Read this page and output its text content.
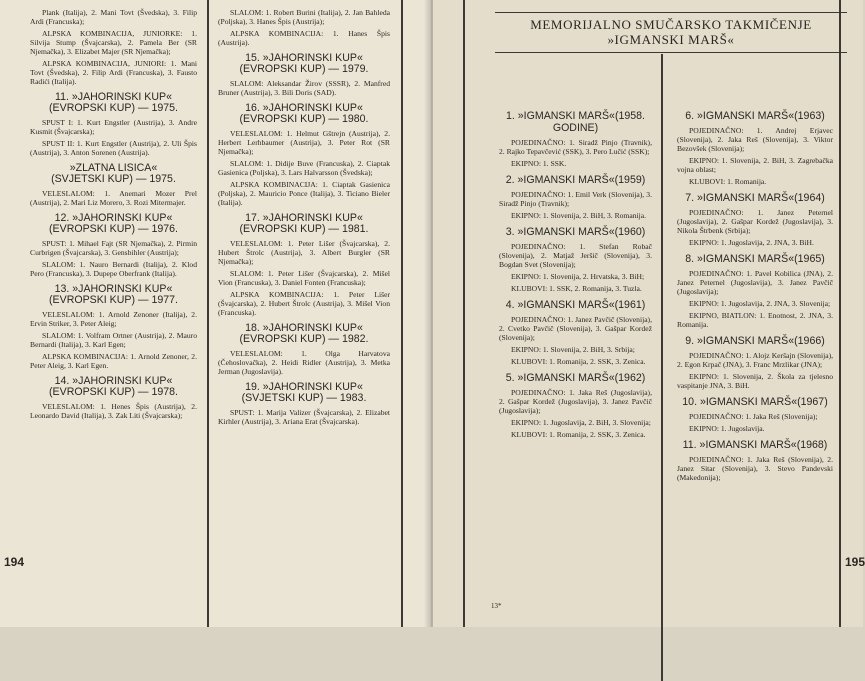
Plank (Italija), 2. Mani Tovt (Švedska), 3. Filip Ardi (Francuska);

ALPSKA KOMBINACIJA, JUNIORKE: 1. Silvija Stump (Švajcarska), 2. Pamela Ber (SR Njemačka), 3. Elizabet Majer (SR Njemačka);

ALPSKA KOMBINACIJA, JUNIORI: 1. Mani Tovt (Švedska), 2. Filip Ardi (Francuska), 3. Fausto Radići (Italija).

11. »JAHORINSKI KUP«
(EVROPSKI KUP) — 1975.

SPUST I: 1. Kurt Engstler (Austrija), 3. Andre Kusmit (Švajcarska);

SPUST II: 1. Kurt Engstler (Austrija), 2. Uli Špis (Austrija), 3. Anton Sorenen (Austrija).

»ZLATNA LISICA«
(SVJETSKI KUP) — 1975.

VELESLALOM: 1. Anemari Mozer Prel (Austrija), 2. Mari Liz Morero, 3. Rozi Mitermajer.

12. »JAHORINSKI KUP«
(EVROPSKI KUP) — 1976.

SPUST: 1. Mihael Fajt (SR Njemačka), 2. Pirmin Curbrigen (Švajcarska), 3. Gensbihler (Austrija);

SLALOM: 1. Nauro Bernardi (Italija), 2. Klod Pero (Francuska), 3. Dupepe Oberfrank (Italija).

13. »JAHORINSKI KUP«
(EVROPSKI KUP) — 1977.

VELESLALOM: 1. Arnold Zenoner (Italija), 2. Ervin Striker, 3. Peter Aleig;

SLALOM: 1. Volfram Ortner (Austrija), 2. Mauro Bernardi (Italija), 3. Karl Egen;

ALPSKA KOMBINACIJA: 1. Arnold Zenoner, 2. Peter Aleig, 3. Karl Egen.

14. »JAHORINSKI KUP«
(EVROPSKI KUP) — 1978.

VELESLALOM: 1. Henes Špis (Austrija), 2. Leonardo David (Italija), 3. Zak Liti (Švajcarska);

SLALOM: 1. Robert Burini (Italija), 2. Jan Bahleda (Poljska), 3. Hanes Špis (Austrija);

ALPSKA KOMBINACIJA: 1. Hanes Špis (Austrija).

15. »JAHORINSKI KUP«
(EVROPSKI KUP) — 1979.

SLALOM: Aleksandar Žirov (SSSR), 2. Manfred Bruner (Austrija), 3. Bili Doris (SAD).

16. »JAHORINSKI KUP«
(EVROPSKI KUP) — 1980.

VELESLALOM: 1. Helmut Gštrejn (Austrija), 2. Herbert Lerhbaumer (Austrija), 3. Peter Rot (SR Njemačka);

SLALOM: 1. Didije Buve (Francuska), 2. Ciaptak Gasienica (Poljska), 3. Lars Halvarsson (Švedska);

ALPSKA KOMBINACIJA: 1. Ciaptak Gasienica (Poljska), 2. Mauricio Ponce (Italija), 3. Ticiano Bieler (Italija).

17. »JAHORINSKI KUP«
(EVROPSKI KUP) — 1981.

VELESLALOM: 1. Peter Lišer (Švajcarska), 2. Hubert Štrolc (Austrija), 3. Albert Burgler (SR Njemačka);

SLALOM: 1. Peter Lišer (Švajcarska), 2. Mišel Vion (Francuska), 3. Daniel Fonten (Francuska);

ALPSKA KOMBINACIJA: 1. Peter Lišer (Švajcarska), 2. Hubert Štrolc (Austrija), 3. Mišel Vion (Francuska).

18. »JAHORINSKI KUP«
(EVROPSKI KUP) — 1982.

VELESLALOM: 1. Olga Harvatova (Čehoslovačka), 2. Heidi Ridler (Austrija), 3. Metka Jerman (Jugoslavija).

19. »JAHORINSKI KUP«
(SVJETSKI KUP) — 1983.

SPUST: 1. Marija Valizer (Švajcarska), 2. Elizabet Kirhler (Austrija), 3. Ariana Erat (Švajcarska).

194
MEMORIJALNO SMUČARSKO TAKMIČENJE
»IGMANSKI MARŠ«
1. »IGMANSKI MARŠ«(1958. GODINE)

POJEDINAČNO: 1. Siradž Pinjo (Travnik), 2. Rajko Tepavčević (SSK), 3. Pero Lučić (SSK);

EKIPNO: 1. SSK.

2. »IGMANSKI MARŠ«(1959)

POJEDINAČNO: 1. Emil Verk (Slovenija), 3. Siradž Pinjo (Travnik);

EKIPNO: 1. Slovenija, 2. BiH, 3. Romanija.

3. »IGMANSKI MARŠ«(1960)

POJEDINAČNO: 1. Stefan Robač (Slovenija), 2. Matjaž Jeršič (Slovenija), 3. Bogdan Svet (Slovenija);

EKIPNO: 1. Slovenija, 2. Hrvatska, 3. BiH;

KLUBOVI: 1. SSK, 2. Romanija, 3. Tuzla.

4. »IGMANSKI MARŠ«(1961)

POJEDINAČNO: 1. Janez Pavčič (Slovenija), 2. Cvetko Pavčič (Slovenija), 3. Gašpar Kordež (Slovenija);

EKIPNO: 1. Slovenija, 2. BiH, 3. Srbija;

KLUBOVI: 1. Romanija, 2. SSK, 3. Zenica.

5. »IGMANSKI MARŠ«(1962)

POJEDINAČNO: 1. Jaka Reš (Jugoslavija), 2. Gašpar Kordež (Jugoslavija), 3. Janez Pavčič (Jugoslavija);

EKIPNO: 1. Jugoslavija, 2. BiH, 3. Slovenija;

KLUBOVI: 1. Romanija, 2. SSK, 3. Zenica.

6. »IGMANSKI MARŠ«(1963)

POJEDINAČNO: 1. Andrej Erjavec (Slovenija), 2. Jaka Reš (Slovenija), 3. Viktor Bezovšek (Slovenija);

EKIPNO: 1. Slovenija, 2. BiH, 3. Zagrebačka vojna oblast;

KLUBOVI: 1. Romanija.

7. »IGMANSKI MARŠ«(1964)

POJEDINAČNO: 1. Janez Peternel (Jugoslavija), 2. Gašpar Kordež (Jugoslavija), 3. Nikola Štrbenk (Srbija);

EKIPNO: 1. Jugoslavija, 2. JNA, 3. BiH.

8. »IGMANSKI MARŠ«(1965)

POJEDINAČNO: 1. Pavel Kobilica (JNA), 2. Janez Peternel (Jugoslavija), 3. Janez Pavčič (Jugoslavija);

EKIPNO: 1. Jugoslavija, 2. JNA, 3. Slovenija;

EKIPNO, BIATLON: 1. Enotnost, 2. JNA, 3. Romanija.

9. »IGMANSKI MARŠ«(1966)

POJEDINAČNO: 1. Alojz Keršajn (Slovenija), 2. Egon Krpač (JNA), 3. Franc Mrzlikar (JNA);

EKIPNO: 1. Slovenija, 2. Škola za tjelesno vaspitanje JNA, 3. BiH.

10. »IGMANSKI MARŠ«(1967)

POJEDINAČNO: 1. Jaka Reš (Slovenija);

EKIPNO: 1. Jugoslavija.

11. »IGMANSKI MARŠ«(1968)

POJEDINAČNO: 1. Jaka Reš (Slovenija), 2. Janez Sitar (Slovenija), 3. Stevo Pandevski (Makedonija);

13*
195
